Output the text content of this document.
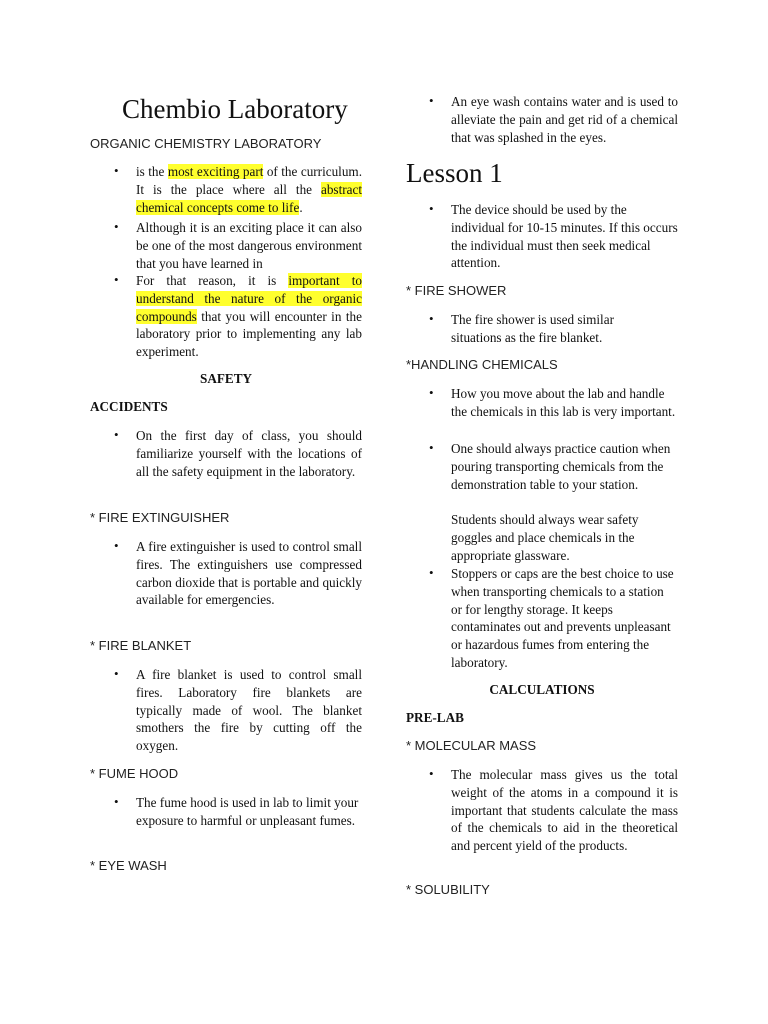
Chembio Laboratory
ORGANIC CHEMISTRY LABORATORY
• is the most exciting part of the curriculum. It is the place where all the abstract chemical concepts come to life.
• Although it is an exciting place it can also be one of the most dangerous environment that you have learned in
• For that reason, it is important to understand the nature of the organic compounds that you will encounter in the laboratory prior to implementing any lab experiment.
SAFETY
ACCIDENTS
• On the first day of class, you should familiarize yourself with the locations of all the safety equipment in the laboratory.
* FIRE EXTINGUISHER
• A fire extinguisher is used to control small fires. The extinguishers use compressed carbon dioxide that is portable and quickly available for emergencies.
* FIRE BLANKET
• A fire blanket is used to control small fires. Laboratory fire blankets are typically made of wool. The blanket smothers the fire by cutting off the oxygen.
* FUME HOOD
• The fume hood is used in lab to limit your exposure to harmful or unpleasant fumes.
* EYE WASH
• An eye wash contains water and is used to alleviate the pain and get rid of a chemical that was splashed in the eyes.
Lesson 1
• The device should be used by the individual for 10-15 minutes. If this occurs the individual must then seek medical attention.
* FIRE SHOWER
• The fire shower is used similar situations as the fire blanket.
*HANDLING CHEMICALS
• How you move about the lab and handle the chemicals in this lab is very important.
• One should always practice caution when pouring transporting chemicals from the demonstration table to your station.
Students should always wear safety goggles and place chemicals in the appropriate glassware.
• Stoppers or caps are the best choice to use when transporting chemicals to a station or for lengthy storage. It keeps contaminates out and prevents unpleasant or hazardous fumes from entering the laboratory.
CALCULATIONS
PRE-LAB
* MOLECULAR MASS
• The molecular mass gives us the total weight of the atoms in a compound it is important that students calculate the mass of the chemicals to aid in the theoretical and percent yield of the products.
* SOLUBILITY
